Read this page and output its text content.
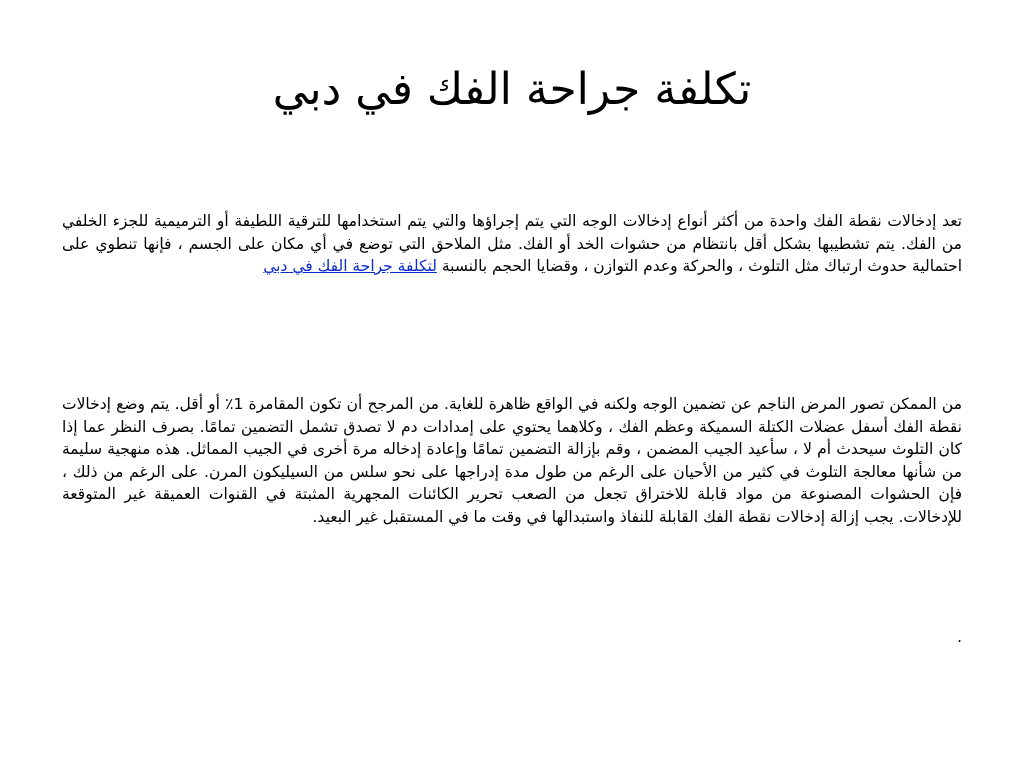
تكلفة جراحة الفك في دبي

تعد إدخالات نقطة الفك واحدة من أكثر أنواع إدخالات الوجه التي يتم إجراؤها والتي يتم استخدامها للترقية اللطيفة أو الترميمية للجزء الخلفي من الفك. يتم تشطيبها بشكل أقل بانتظام من حشوات الخد أو الفك. مثل الملاحق التي توضع في أي مكان على الجسم ، فإنها تنطوي على احتمالية حدوث ارتباك مثل التلوث ، والحركة وعدم التوازن ، وقضايا الحجم بالنسبة لتكلفة جراحة الفك في دبي

من الممكن تصور المرض الناجم عن تضمين الوجه ولكنه في الواقع ظاهرة للغاية. من المرجح أن تكون المقامرة 1٪ أو أقل. يتم وضع إدخالات نقطة الفك أسفل عضلات الكتلة السميكة وعظم الفك ، وكلاهما يحتوي على إمدادات دم لا تصدق تشمل التضمين تمامًا. بصرف النظر عما إذا كان التلوث سيحدث أم لا ، سأعيد الجيب المضمن ، وقم بإزالة التضمين تمامًا وإعادة إدخاله مرة أخرى في الجيب المماثل. هذه منهجية سليمة من شأنها معالجة التلوث في كثير من الأحيان على الرغم من طول مدة إدراجها على نحو سلس من السيليكون المرن. على الرغم من ذلك ، فإن الحشوات المصنوعة من مواد قابلة للاختراق تجعل من الصعب تحرير الكائنات المجهرية المثبتة في القنوات العميقة غير المتوقعة للإدخالات. يجب إزالة إدخالات نقطة الفك القابلة للنفاذ واستبدالها في وقت ما في المستقبل غير البعيد.

.
